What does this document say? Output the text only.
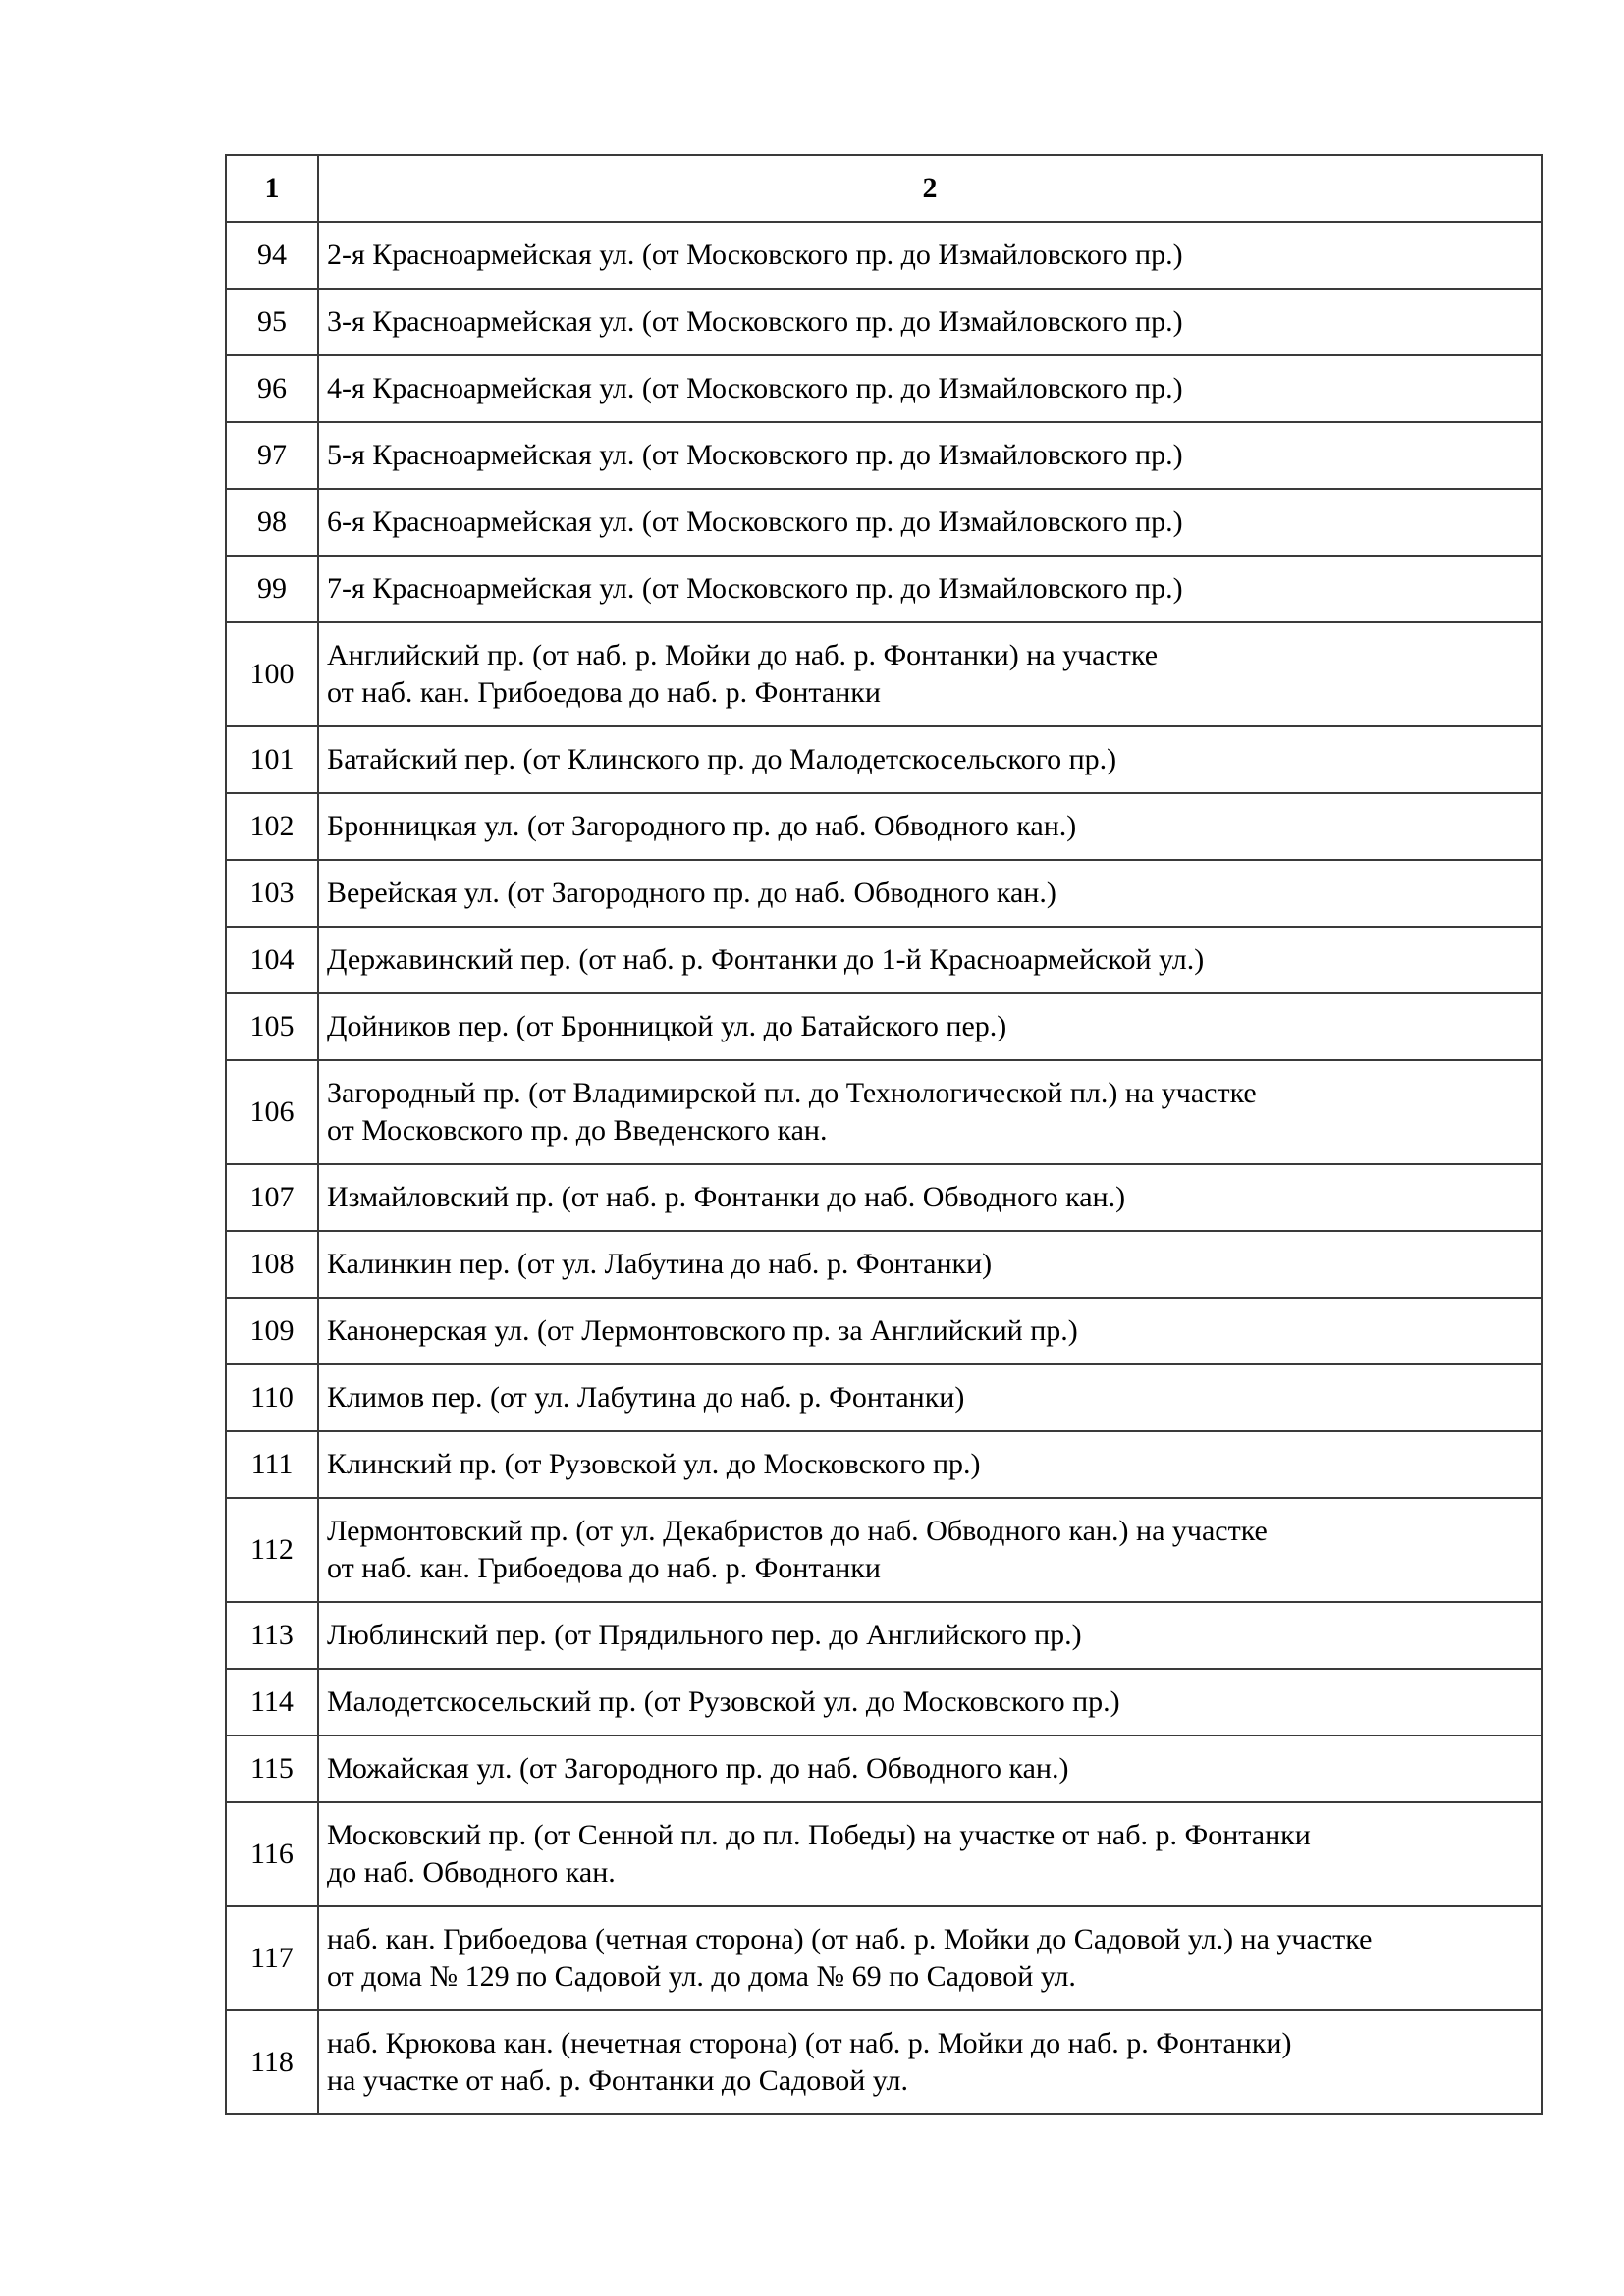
1	2
94	2-я Красноармейская ул. (от Московского пр. до Измайловского пр.)

95	3-я Красноармейская ул. (от Московского пр. до Измайловского пр.)

96	4-я Красноармейская ул. (от Московского пр. до Измайловского пр.)

97	5-я Красноармейская ул. (от Московского пр. до Измайловского пр.)

98	6-я Красноармейская ул. (от Московского пр. до Измайловского пр.)

99	7-я Красноармейская ул. (от Московского пр. до Измайловского пр.)

100	Английский пр. (от наб. р. Мойки до наб. р. Фонтанки) на участке
от наб. кан. Грибоедова до наб. р. Фонтанки

101	Батайский пер. (от Клинского пр. до Малодетскосельского пр.)

102	Бронницкая ул. (от Загородного пр. до наб. Обводного кан.)

103	Верейская ул. (от Загородного пр. до наб. Обводного кан.)

104	Державинский пер. (от наб. р. Фонтанки до 1-й Красноармейской ул.)

105	Дойников пер. (от Бронницкой ул. до Батайского пер.)

106	Загородный пр. (от Владимирской пл. до Технологической пл.) на участке
от Московского пр. до Введенского кан.

107	Измайловский пр. (от наб. р. Фонтанки до наб. Обводного кан.)

108	Калинкин пер. (от ул. Лабутина до наб. р. Фонтанки)

109	Канонерская ул. (от Лермонтовского пр. за Английский пр.)

110	Климов пер. (от ул. Лабутина до наб. р. Фонтанки)

111	Клинский пр. (от Рузовской ул. до Московского пр.)

112	Лермонтовский пр. (от ул. Декабристов до наб. Обводного кан.) на участке
от наб. кан. Грибоедова до наб. р. Фонтанки

113	Люблинский пер. (от Прядильного пер. до Английского пр.)

114	Малодетскосельский пр. (от Рузовской ул. до Московского пр.)

115	Можайская ул. (от Загородного пр. до наб. Обводного кан.)

116	Московский пр. (от Сенной пл. до пл. Победы) на участке от наб. р. Фонтанки
до наб. Обводного кан.

117	наб. кан. Грибоедова (четная сторона) (от наб. р. Мойки до Садовой ул.) на участке
от дома № 129 по Садовой ул. до дома № 69 по Садовой ул.

118	наб. Крюкова кан. (нечетная сторона) (от наб. р. Мойки до наб. р. Фонтанки)
на участке от наб. р. Фонтанки до Садовой ул.
